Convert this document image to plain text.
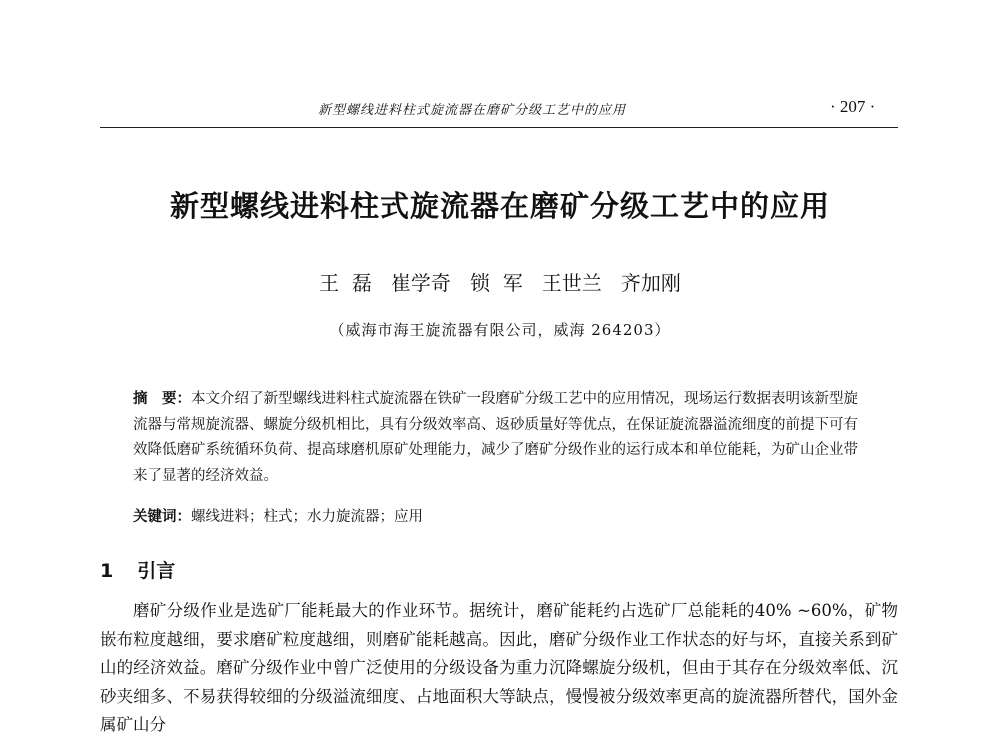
新型螺线进料柱式旋流器在磨矿分级工艺中的应用	· 207 ·
新型螺线进料柱式旋流器在磨矿分级工艺中的应用
王  磊   崔学奇   锁  军   王世兰   齐加刚
（威海市海王旋流器有限公司，威海 264203）
摘　要：本文介绍了新型螺线进料柱式旋流器在铁矿一段磨矿分级工艺中的应用情况，现场运行数据表明该新型旋流器与常规旋流器、螺旋分级机相比，具有分级效率高、返砂质量好等优点，在保证旋流器溢流细度的前提下可有效降低磨矿系统循环负荷、提高球磨机原矿处理能力，减少了磨矿分级作业的运行成本和单位能耗，为矿山企业带来了显著的经济效益。
关键词：螺线进料；柱式；水力旋流器；应用
1 引言
磨矿分级作业是选矿厂能耗最大的作业环节。据统计，磨矿能耗约占选矿厂总能耗的40% ~60%，矿物嵌布粒度越细，要求磨矿粒度越细，则磨矿能耗越高。因此，磨矿分级作业工作状态的好与坏，直接关系到矿山的经济效益。磨矿分级作业中曾广泛使用的分级设备为重力沉降螺旋分级机，但由于其存在分级效率低、沉砂夹细多、不易获得较细的分级溢流细度、占地面积大等缺点，慢慢被分级效率更高的旋流器所替代，国外金属矿山分
